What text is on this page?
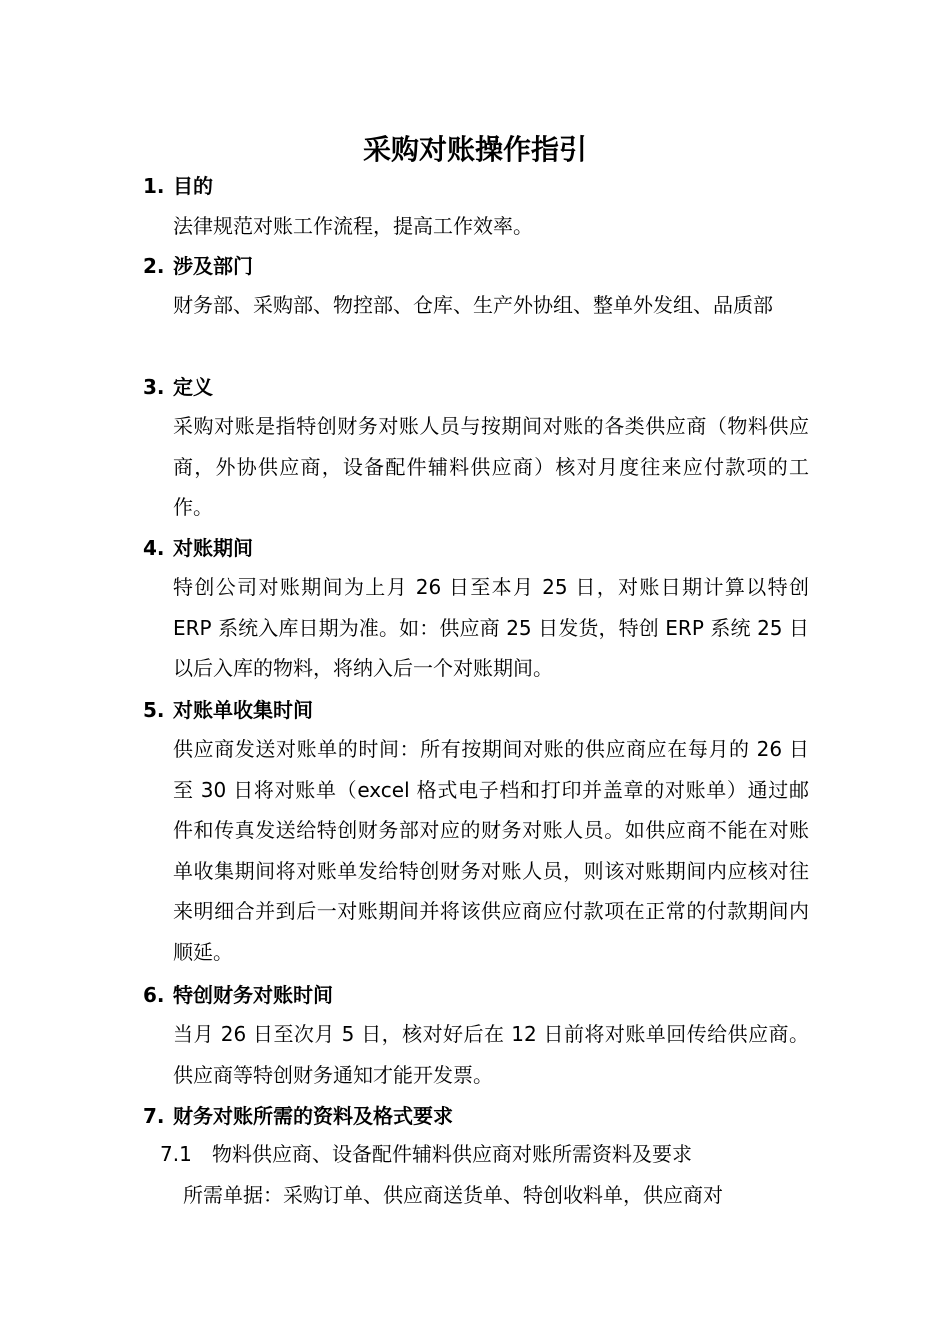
采购对账操作指引
1. 目的
法律规范对账工作流程，提高工作效率。
2. 涉及部门
财务部、采购部、物控部、仓库、生产外协组、整单外发组、品质部
3. 定义
采购对账是指特创财务对账人员与按期间对账的各类供应商（物料供应商，外协供应商，设备配件辅料供应商）核对月度往来应付款项的工作。
4. 对账期间
特创公司对账期间为上月 26 日至本月 25 日，对账日期计算以特创 ERP 系统入库日期为准。如：供应商 25 日发货，特创 ERP 系统 25 日以后入库的物料，将纳入后一个对账期间。
5. 对账单收集时间
供应商发送对账单的时间：所有按期间对账的供应商应在每月的 26 日至 30 日将对账单（excel 格式电子档和打印并盖章的对账单）通过邮件和传真发送给特创财务部对应的财务对账人员。如供应商不能在对账单收集期间将对账单发给特创财务对账人员，则该对账期间内应核对往来明细合并到后一对账期间并将该供应商应付款项在正常的付款期间内顺延。
6. 特创财务对账时间
当月 26 日至次月 5 日，核对好后在 12 日前将对账单回传给供应商。供应商等特创财务通知才能开发票。
7. 财务对账所需的资料及格式要求
7.1 物料供应商、设备配件辅料供应商对账所需资料及要求
所需单据：采购订单、供应商送货单、特创收料单，供应商对
